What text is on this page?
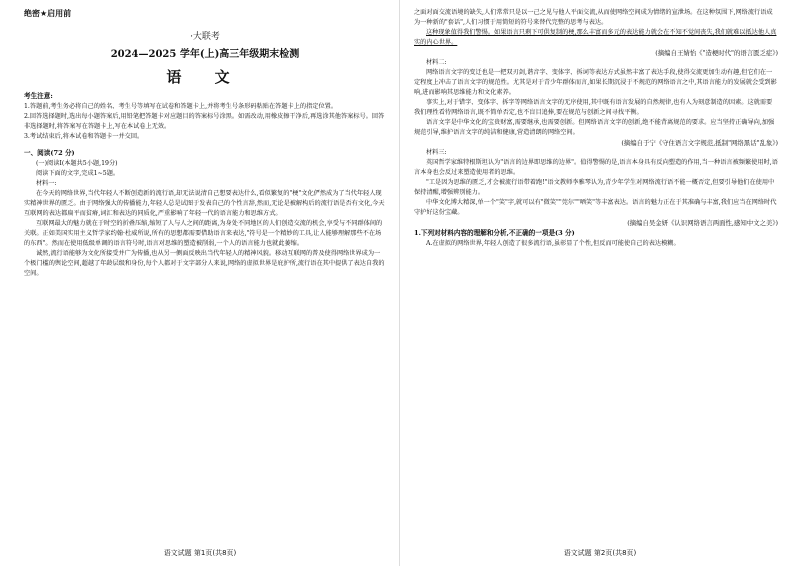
绝密★启用前
·大联考
2024—2025 学年(上)高三年级期末检测
语 文
考生注意:

1.答题前,考生务必将自己的姓名、考生号等填写在试卷和答题卡上,并将考生号条形码粘贴在答题卡上的指定位置。

2.回答选择题时,选出每小题答案后,用铅笔把答题卡对应题目的答案标号涂黑。如需改动,用橡皮擦干净后,再选涂其他答案标号。回答非选择题时,将答案写在答题卡上,写在本试卷上无效。

3.考试结束后,将本试卷和答题卡一并交回。

一、阅读(72 分)
(一)阅读I(本题共5小题,19分)
阅读下面的文字,完成1~5题。
材料一:

在今天的网络世界,当代年轻人不断创造新的流行语,却无法说清自己想要表达什么,看似繁复的"梗"文化俨然成为了当代年轻人现实精神世界的匮乏。由于网络强大的传播能力,年轻人总是试图于发表自己的个性言辞,然而,无论是被解构后的流行语是否有文化,今天互联网的表达都扁平而贫瘠,词汇和表达的同质化,严重影响了年轻一代的语言能力和思维方式。

互联网最大的魅力就在于时空的折叠压缩,缩短了人与人之间的距离,为身处不同地区的人们创造交流的机会,享受与不同群体间的关联。正如美国实用主义哲学家约翰·杜威所说,所有的思想都需要借助语言来表达,"符号是一个精妙的工具,让人能够理解那些不在场的东西"。然而在使用低级单调的语言符号时,语言对思维的塑造被削弱,一个人的语言能力也就此萎缩。

诚然,流行语能够为文化所接受并广为传播,也从另一侧面反映出当代年轻人的精神风貌。移动互联网的普及使得网络世界成为一个极门槛的舆论空间,超越了年龄层级和身份,每个人都对于文字部分人来说,网络的虚拟世界是庇护所,流行语在其中提供了表达自我的空间。

语文试题 第1页(共8页)

之面对面交流语境的缺失,人们常常只是以一己之见与他人平面交流,从而使网络空间成为情绪的宣泄场。在这种氛围下,网络流行语成为一种新的"套话",人们习惯于用简短的符号来替代完整的思考与表达。

这种现象值得我们警惕。如果语言只剩下可供复制的梗,那么丰富而多元的表达能力就会在不知不觉间丧失,我们就难以抵达他人真实的内心世界。

(摘编自王婧怡《"造梗时代"的语言匮乏症》)
材料二:

网络语言文字的变迁也是一把双刃剑,谐音字、变体字、拆词等表达方式虽然丰富了表达手段,使得交流更加生动有趣,但它们在一定程度上冲击了语言文字的规范性。尤其是对于青少年群体而言,如果长期沉浸于不规范的网络语言之中,其语言能力的发展就会受到影响,进而影响其思维能力和文化素养。

事实上,对于错字、变体字、拆字等网络语言文字的无序使用,其中既有语言发展的自然规律,也有人为刻意制造的因素。这就需要我们理性看待网络语言,既不简单否定,也不盲目追捧,要在规范与创新之间寻找平衡。

语言文字是中华文化的宝贵财富,需要继承,也需要创新。但网络语言文字的创新,绝不能背离规范的要求。应当坚持正确导向,加强规范引导,维护语言文字的纯洁和健康,营造清朗的网络空间。

(摘编自于宁《守住语言文字规范,抵制"网络黑话"乱象》)
材料三:

英国哲学家维特根斯坦认为"语言的边界即思维的边界"。值得警惕的是,语言本身具有反向塑造的作用,当一种语言被频繁使用时,语言本身也会反过来塑造使用者的思维。

"工是因为思维的匮乏,才会被流行语带着跑!"语文教师李雅琴认为,青少年学生对网络流行语不能一概否定,但要引导他们在使用中保持清醒,增强辨别能力。

中华文化博大精深,单一个"笑"字,就可以有"微笑""莞尔""哂笑"等丰富表达。语言的魅力正在于其准确与丰富,我们应当在网络时代守护好这份宝藏。

(摘编自吴金妍《认识网络语言两面性,感知中文之美》)
1.下列对材料内容的理解和分析,不正确的一项是(3 分)
A.在虚拟的网络世界,年轻人创造了很多流行语,虽彰显了个性,但反而可能使自己的表达模糊。
语文试题 第2页(共8页)
